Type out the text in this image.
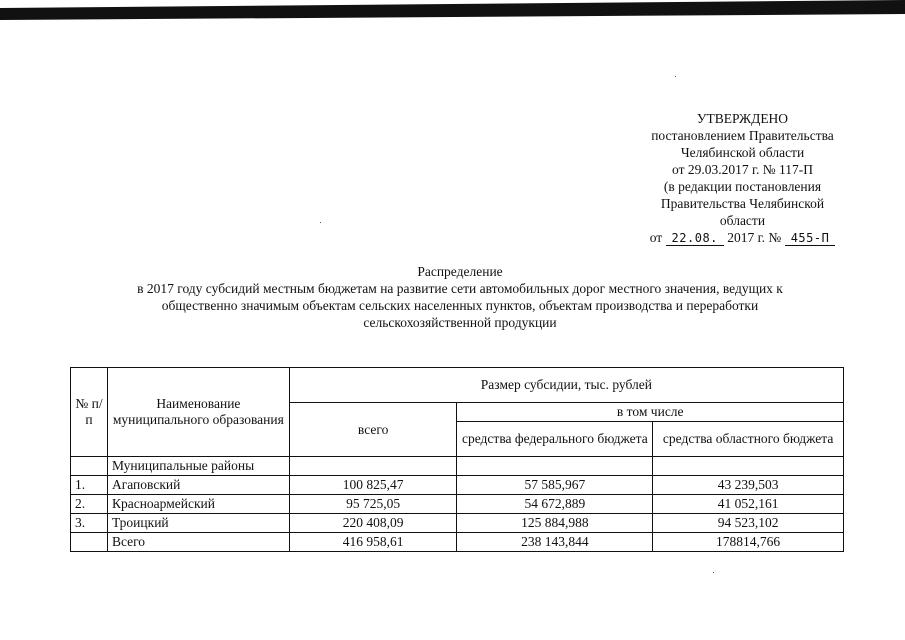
УТВЕРЖДЕНО
постановлением Правительства
Челябинской области
от 29.03.2017 г. № 117-П
(в редакции постановления
Правительства Челябинской
области
от 22.08. 2017 г. № 455-П
Распределение
в 2017 году субсидий местным бюджетам на развитие сети автомобильных дорог местного значения, ведущих к
общественно значимым объектам сельских населенных пунктов, объектам производства и переработки
сельскохозяйственной продукции
№ п/п	Наименование муниципального образования	Размер субсидии, тыс. рублей		
		всего	в том числе	
			средства федерального бюджета	средства областного бюджета
	Муниципальные районы			
1.	Агаповский	100 825,47	57 585,967	43 239,503
2.	Красноармейский	95 725,05	54 672,889	41 052,161
3.	Троицкий	220 408,09	125 884,988	94 523,102
	Всего	416 958,61	238 143,844	178814,766
